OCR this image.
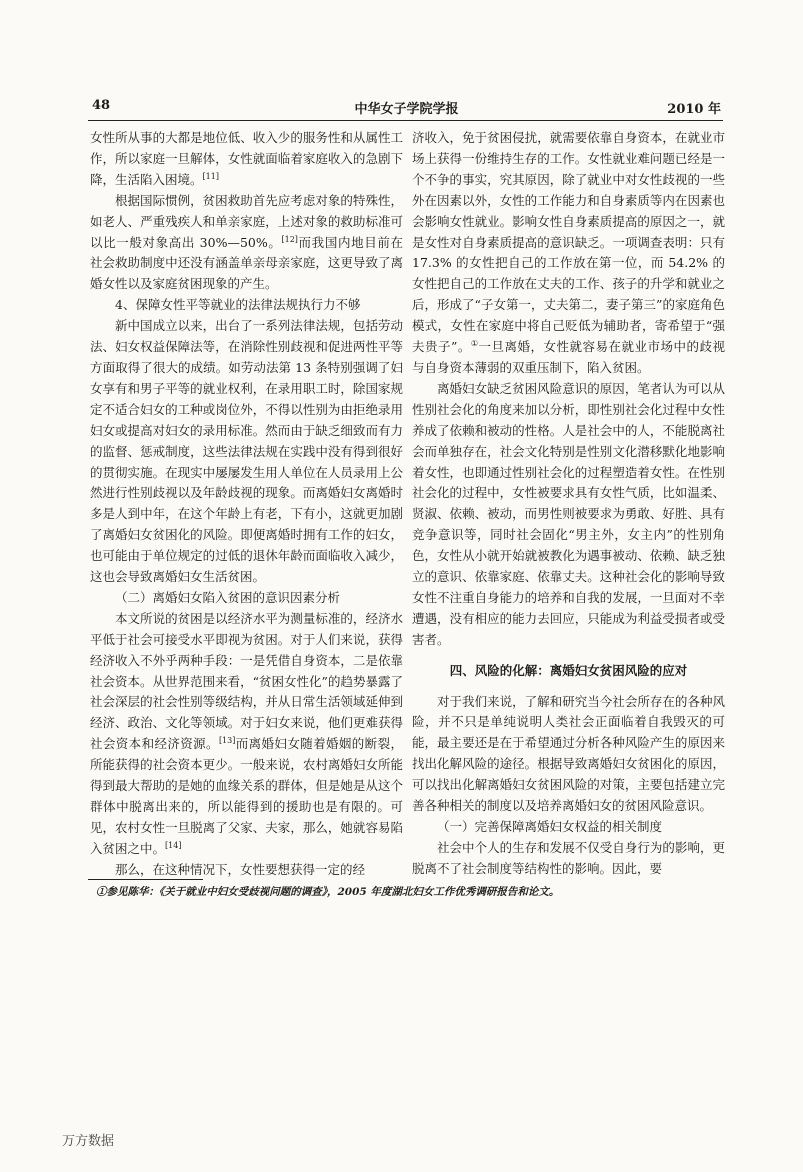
48	中华女子学院学报	2010 年

女性所从事的大都是地位低、收入少的服务性和从属性工作，所以家庭一旦解体，女性就面临着家庭收入的急剧下降，生活陷入困境。[11]

根据国际惯例，贫困救助首先应考虑对象的特殊性，如老人、严重残疾人和单亲家庭，上述对象的救助标准可以比一般对象高出 30%—50%。[12]而我国内地目前在社会救助制度中还没有涵盖单亲母亲家庭，这更导致了离婚女性以及家庭贫困现象的产生。

4、保障女性平等就业的法律法规执行力不够

新中国成立以来，出台了一系列法律法规，包括劳动法、妇女权益保障法等，在消除性别歧视和促进两性平等方面取得了很大的成绩。如劳动法第 13 条特别强调了妇女享有和男子平等的就业权利，在录用职工时，除国家规定不适合妇女的工种或岗位外，不得以性别为由拒绝录用妇女或提高对妇女的录用标准。然而由于缺乏细致而有力的监督、惩戒制度，这些法律法规在实践中没有得到很好的贯彻实施。在现实中屡屡发生用人单位在人员录用上公然进行性别歧视以及年龄歧视的现象。而离婚妇女离婚时多是人到中年，在这个年龄上有老，下有小，这就更加剧了离婚妇女贫困化的风险。即便离婚时拥有工作的妇女，也可能由于单位规定的过低的退休年龄而面临收入减少，这也会导致离婚妇女生活贫困。

（二）离婚妇女陷入贫困的意识因素分析

本文所说的贫困是以经济水平为测量标准的，经济水平低于社会可接受水平即视为贫困。对于人们来说，获得经济收入不外乎两种手段：一是凭借自身资本，二是依靠社会资本。从世界范围来看，“贫困女性化”的趋势暴露了社会深层的社会性别等级结构，并从日常生活领域延伸到经济、政治、文化等领域。对于妇女来说，他们更难获得社会资本和经济资源。[13]而离婚妇女随着婚姻的断裂，所能获得的社会资本更少。一般来说，农村离婚妇女所能得到最大帮助的是她的血缘关系的群体，但是她是从这个群体中脱离出来的，所以能得到的援助也是有限的。可见，农村女性一旦脱离了父家、夫家，那么，她就容易陷入贫困之中。[14]

那么，在这种情况下，女性要想获得一定的经

济收入，免于贫困侵扰，就需要依靠自身资本，在就业市场上获得一份维持生存的工作。女性就业难问题已经是一个不争的事实，究其原因，除了就业中对女性歧视的一些外在因素以外，女性的工作能力和自身素质等内在因素也会影响女性就业。影响女性自身素质提高的原因之一，就是女性对自身素质提高的意识缺乏。一项调查表明：只有 17.3% 的女性把自己的工作放在第一位，而 54.2% 的女性把自己的工作放在丈夫的工作、孩子的升学和就业之后，形成了“子女第一，丈夫第二，妻子第三”的家庭角色模式，女性在家庭中将自己贬低为辅助者，寄希望于“强夫贵子”。①一旦离婚，女性就容易在就业市场中的歧视与自身资本薄弱的双重压制下，陷入贫困。

离婚妇女缺乏贫困风险意识的原因，笔者认为可以从性别社会化的角度来加以分析，即性别社会化过程中女性养成了依赖和被动的性格。人是社会中的人，不能脱离社会而单独存在，社会文化特别是性别文化潜移默化地影响着女性，也即通过性别社会化的过程塑造着女性。在性别社会化的过程中，女性被要求具有女性气质，比如温柔、贤淑、依赖、被动，而男性则被要求为勇敢、好胜、具有竞争意识等，同时社会固化“男主外，女主内”的性别角色，女性从小就开始就被教化为遇事被动、依赖、缺乏独立的意识、依靠家庭、依靠丈夫。这种社会化的影响导致女性不注重自身能力的培养和自我的发展，一旦面对不幸遭遇，没有相应的能力去回应，只能成为利益受损者或受害者。

四、风险的化解：离婚妇女贫困风险的应对

对于我们来说，了解和研究当今社会所存在的各种风险，并不只是单纯说明人类社会正面临着自我毁灭的可能，最主要还是在于希望通过分析各种风险产生的原因来找出化解风险的途径。根据导致离婚妇女贫困化的原因，可以找出化解离婚妇女贫困风险的对策，主要包括建立完善各种相关的制度以及培养离婚妇女的贫困风险意识。

（一）完善保障离婚妇女权益的相关制度

社会中个人的生存和发展不仅受自身行为的影响，更脱离不了社会制度等结构性的影响。因此，要

①参见陈华：《关于就业中妇女受歧视问题的调查》，2005 年度湖北妇女工作优秀调研报告和论文。
万方数据
